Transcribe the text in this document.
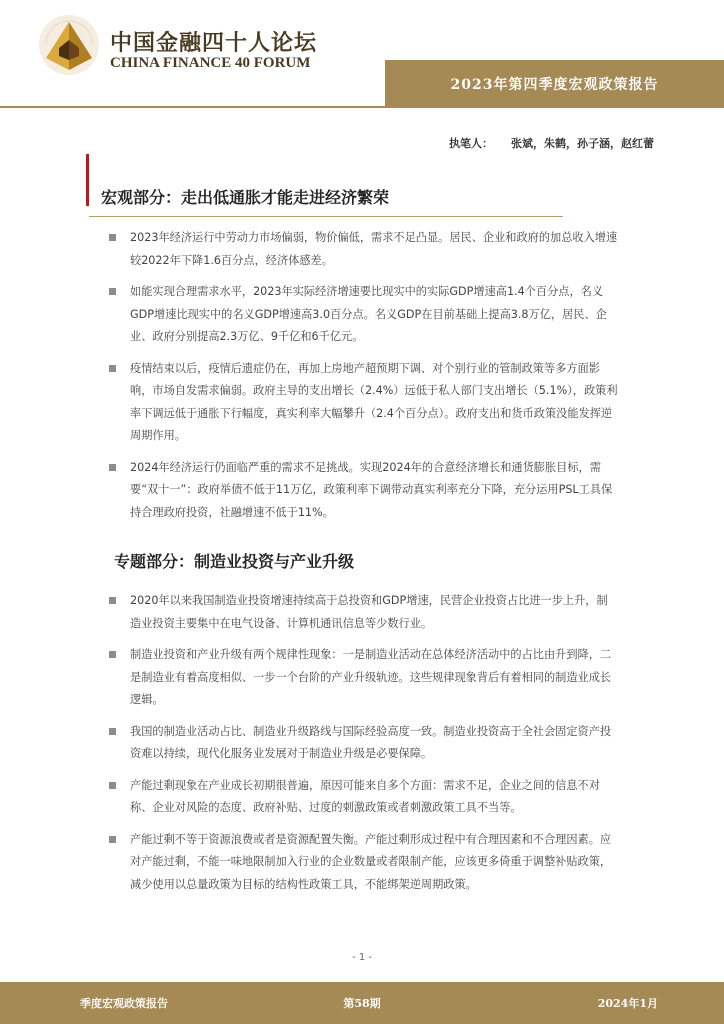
中国金融四十人论坛
CHINA FINANCE 40 FORUM
2023年第四季度宏观政策报告
执笔人： 张斌，朱鹤，孙子涵，赵红蕾
宏观部分：走出低通胀才能走进经济繁荣
2023年经济运行中劳动力市场偏弱，物价偏低，需求不足凸显。居民、企业和政府的加总收入增速较2022年下降1.6百分点，经济体感差。
如能实现合理需求水平，2023年实际经济增速要比现实中的实际GDP增速高1.4个百分点，名义GDP增速比现实中的名义GDP增速高3.0百分点。名义GDP在目前基础上提高3.8万亿，居民、企业、政府分别提高2.3万亿、9千亿和6千亿元。
疫情结束以后，疫情后遗症仍在，再加上房地产超预期下调、对个别行业的管制政策等多方面影响，市场自发需求偏弱。政府主导的支出增长（2.4%）远低于私人部门支出增长（5.1%），政策利率下调远低于通胀下行幅度，真实利率大幅攀升（2.4个百分点）。政府支出和货币政策没能发挥逆周期作用。
2024年经济运行仍面临严重的需求不足挑战。实现2024年的合意经济增长和通货膨胀目标，需要“双十一”：政府举债不低于11万亿，政策利率下调带动真实利率充分下降，充分运用PSL工具保持合理政府投资，社融增速不低于11%。
专题部分：制造业投资与产业升级
2020年以来我国制造业投资增速持续高于总投资和GDP增速，民营企业投资占比进一步上升，制造业投资主要集中在电气设备、计算机通讯信息等少数行业。
制造业投资和产业升级有两个规律性现象：一是制造业活动在总体经济活动中的占比由升到降，二是制造业有着高度相似、一步一个台阶的产业升级轨迹。这些规律现象背后有着相同的制造业成长逻辑。
我国的制造业活动占比、制造业升级路线与国际经验高度一致。制造业投资高于全社会固定资产投资难以持续，现代化服务业发展对于制造业升级是必要保障。
产能过剩现象在产业成长初期很普遍，原因可能来自多个方面：需求不足，企业之间的信息不对称、企业对风险的态度、政府补贴、过度的刺激政策或者刺激政策工具不当等。
产能过剩不等于资源浪费或者是资源配置失衡。产能过剩形成过程中有合理因素和不合理因素。应对产能过剩，不能一味地限制加入行业的企业数量或者限制产能，应该更多倚重于调整补贴政策，减少使用以总量政策为目标的结构性政策工具，不能绑架逆周期政策。
- 1 -
季度宏观政策报告	第58期	2024年1月
